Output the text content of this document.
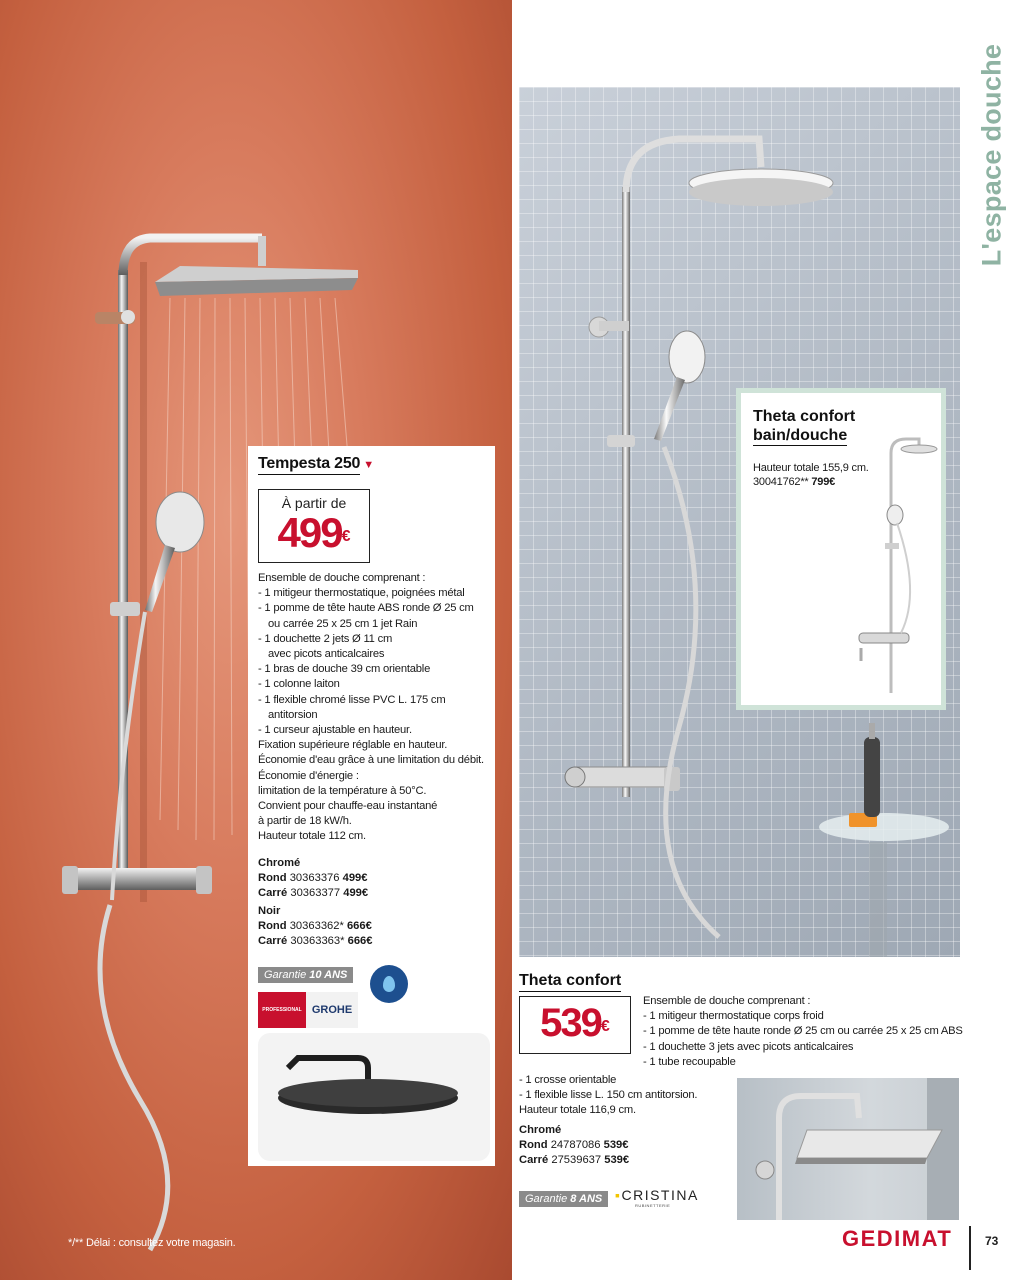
L'espace douche
Tempesta 250 ▼
À partir de
499€
Ensemble de douche comprenant :
- 1 mitigeur thermostatique, poignées métal
- 1 pomme de tête haute ABS ronde Ø 25 cm
ou carrée 25 x 25 cm 1 jet Rain
- 1 douchette 2 jets Ø 11 cm
avec picots anticalcaires
- 1 bras de douche 39 cm orientable
- 1 colonne laiton
- 1 flexible chromé lisse PVC L. 175 cm
antitorsion
- 1 curseur ajustable en hauteur.
Fixation supérieure réglable en hauteur.
Économie d'eau grâce à une limitation du débit.
Économie d'énergie :
limitation de la température à 50°C.
Convient pour chauffe-eau instantané
à partir de 18 kW/h.
Hauteur totale 112 cm.
Chromé
Rond 30363376 499€
Carré 30363377 499€
Noir
Rond 30363362* 666€
Carré 30363363* 666€
Garantie 10 ANS
PROFESSIONAL GROHE
Theta confort
bain/douche
Hauteur totale 155,9 cm.
30041762** 799€
Theta confort
539€
Ensemble de douche comprenant :
- 1 mitigeur thermostatique corps froid
- 1 pomme de tête haute ronde Ø 25 cm ou carrée 25 x 25 cm ABS
- 1 douchette 3 jets avec picots anticalcaires
- 1 tube recoupable
- 1 crosse orientable
- 1 flexible lisse L. 150 cm antitorsion.
Hauteur totale 116,9 cm.
Chromé
Rond 24787086 539€
Carré 27539637 539€
Garantie 8 ANS ▪CRISTINA
RUBINETTERIE
*/** Délai : consultez votre magasin.	GEDIMAT	73
